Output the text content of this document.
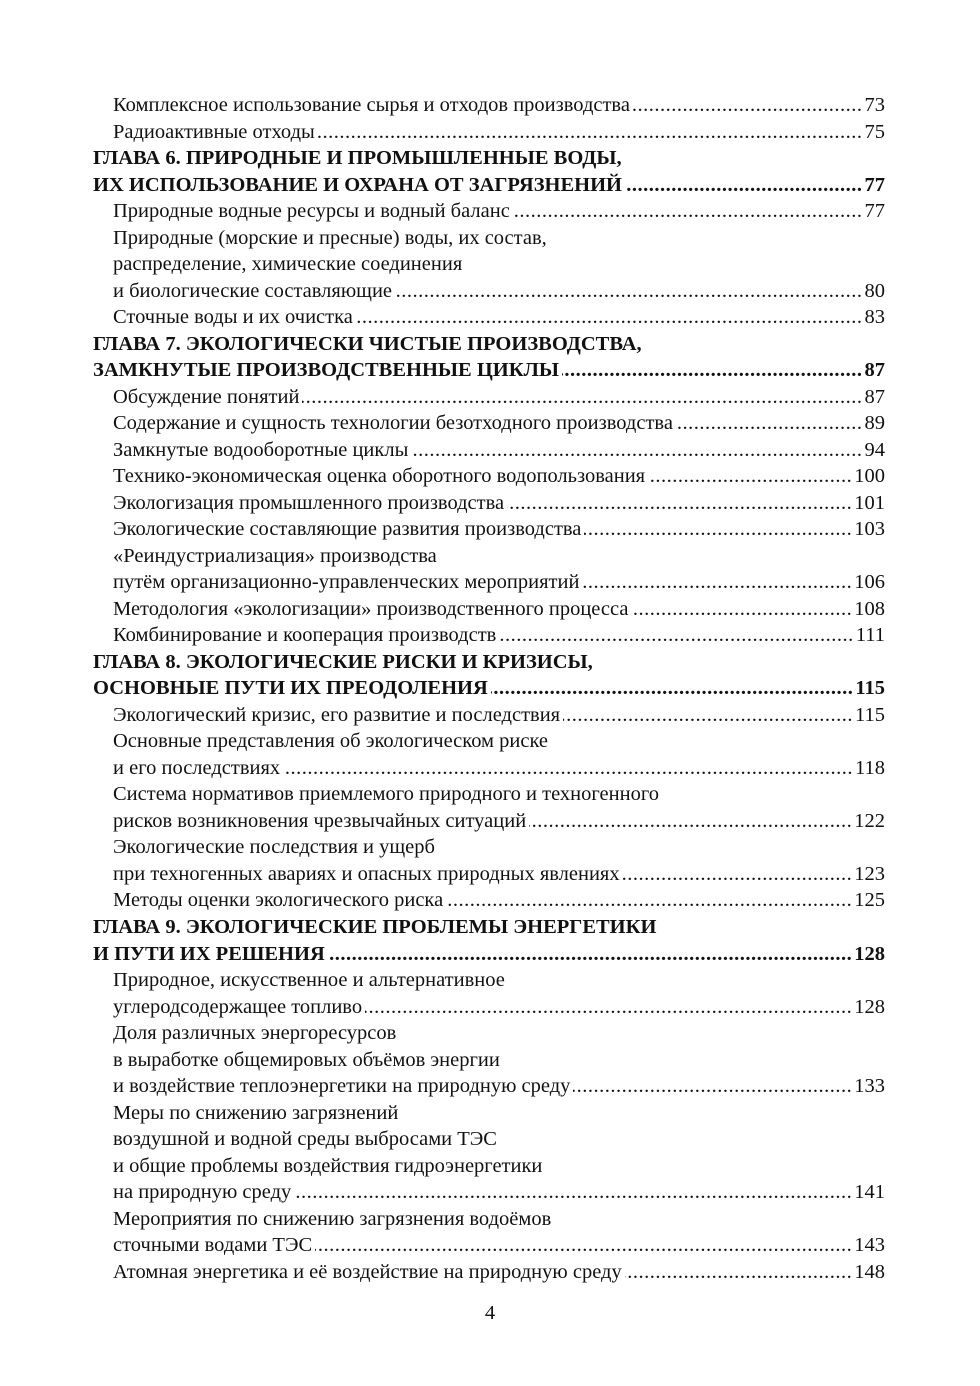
Комплексное использование сырья и отходов производства .....	73
Радиоактивные отходы .....	75
ГЛАВА 6. ПРИРОДНЫЕ И ПРОМЫШЛЕННЫЕ ВОДЫ,
ИХ ИСПОЛЬЗОВАНИЕ И ОХРАНА ОТ ЗАГРЯЗНЕНИЙ .....	77
Природные водные ресурсы и водный баланс .....	77
Природные (морские и пресные) воды, их состав,
распределение, химические соединения
и биологические составляющие .....	80
Сточные воды и их очистка .....	83
ГЛАВА 7. ЭКОЛОГИЧЕСКИ ЧИСТЫЕ ПРОИЗВОДСТВА,
ЗАМКНУТЫЕ ПРОИЗВОДСТВЕННЫЕ ЦИКЛЫ .....	87
Обсуждение понятий .....	87
Содержание и сущность технологии безотходного производства .....	89
Замкнутые водооборотные циклы .....	94
Технико-экономическая оценка оборотного водопользования .....	100
Экологизация промышленного производства .....	101
Экологические составляющие развития производства .....	103
«Реиндустриализация» производства
путём организационно-управленческих мероприятий .....	106
Методология «экологизации» производственного процесса .....	108
Комбинирование и кооперация производств .....	111
ГЛАВА 8. ЭКОЛОГИЧЕСКИЕ РИСКИ И КРИЗИСЫ,
ОСНОВНЫЕ ПУТИ ИХ ПРЕОДОЛЕНИЯ .....	115
Экологический кризис, его развитие и последствия .....	115
Основные представления об экологическом риске
и его последствиях .....	118
Система нормативов приемлемого природного и техногенного
рисков возникновения чрезвычайных ситуаций .....	122
Экологические последствия и ущерб
при техногенных авариях и опасных природных явлениях .....	123
Методы оценки экологического риска .....	125
ГЛАВА 9. ЭКОЛОГИЧЕСКИЕ ПРОБЛЕМЫ ЭНЕРГЕТИКИ
И ПУТИ ИХ РЕШЕНИЯ .....	128
Природное, искусственное и альтернативное
углеродсодержащее топливо .....	128
Доля различных энергоресурсов
в выработке общемировых объёмов энергии
и воздействие теплоэнергетики на природную среду .....	133
Меры по снижению загрязнений
воздушной и водной среды выбросами ТЭС
и общие проблемы воздействия гидроэнергетики
на природную среду .....	141
Мероприятия по снижению загрязнения водоёмов
сточными водами ТЭС .....	143
Атомная энергетика и её воздействие на природную среду .....	148
4
